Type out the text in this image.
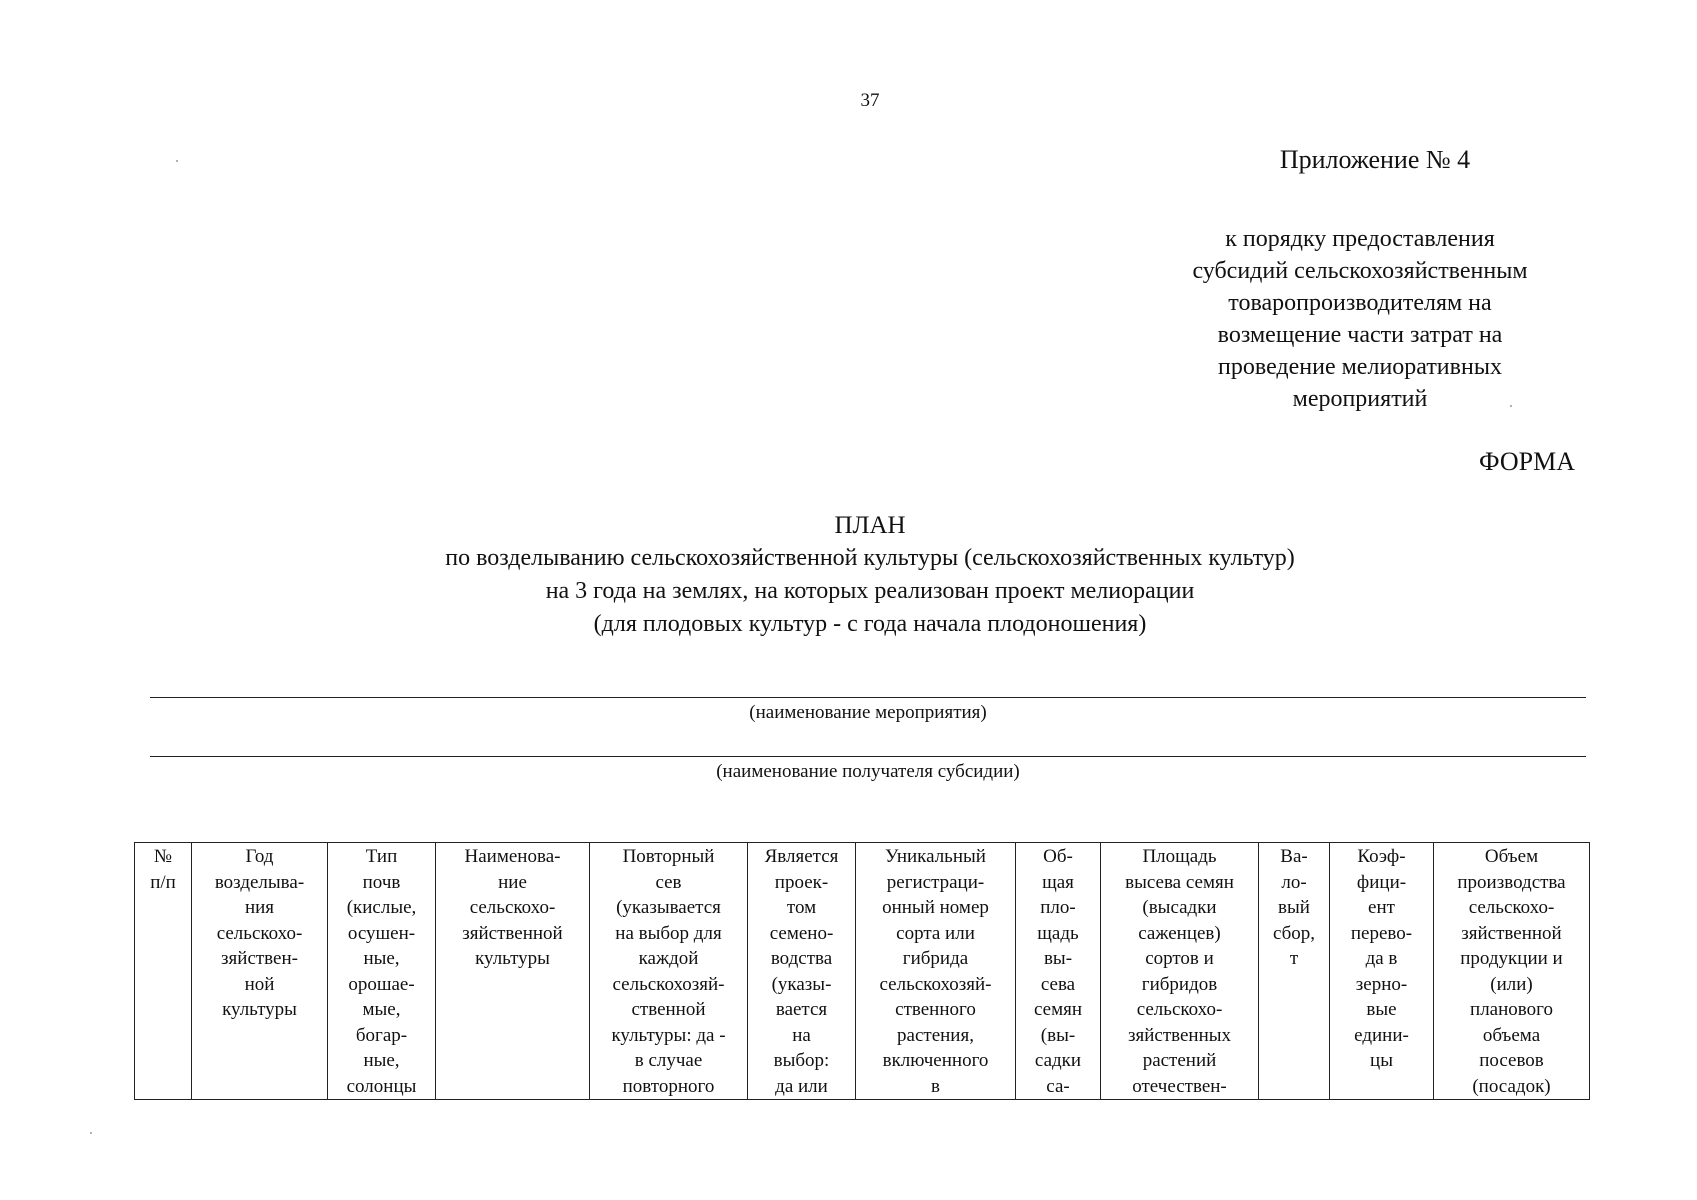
37
Приложение № 4
к порядку предоставления
субсидий сельскохозяйственным
товаропроизводителям на
возмещение части затрат на
проведение мелиоративных
мероприятий
ФОРМА
ПЛАН
по возделыванию сельскохозяйственной культуры (сельскохозяйственных культур)
на 3 года на землях, на которых реализован проект мелиорации
(для плодовых культур - с года начала плодоношения)
(наименование мероприятия)
(наименование получателя субсидии)
№
п/п

Год
возделыва-
ния
сельскохо-
зяйствен-
ной
культуры

Тип
почв
(кислые,
осушен-
ные,
орошае-
мые,
богар-
ные,
солонцы

Наименова-
ние
сельскохо-
зяйственной
культуры

Повторный
сев
(указывается
на выбор для
каждой
сельскохозяй-
ственной
культуры: да -
в случае
повторного

Является
проек-
том
семено-
водства
(указы-
вается
на
выбор:
да или

Уникальный
регистраци-
онный номер
сорта или
гибрида
сельскохозяй-
ственного
растения,
включенного
в

Об-
щая
пло-
щадь
вы-
сева
семян
(вы-
садки
са-

Площадь
высева семян
(высадки
саженцев)
сортов и
гибридов
сельскохо-
зяйственных
растений
отечествен-

Ва-
ло-
вый
сбор,
т

Коэф-
фици-
ент
перево-
да в
зерно-
вые
едини-
цы

Объем
производства
сельскохо-
зяйственной
продукции и
(или)
планового
объема
посевов
(посадок)
